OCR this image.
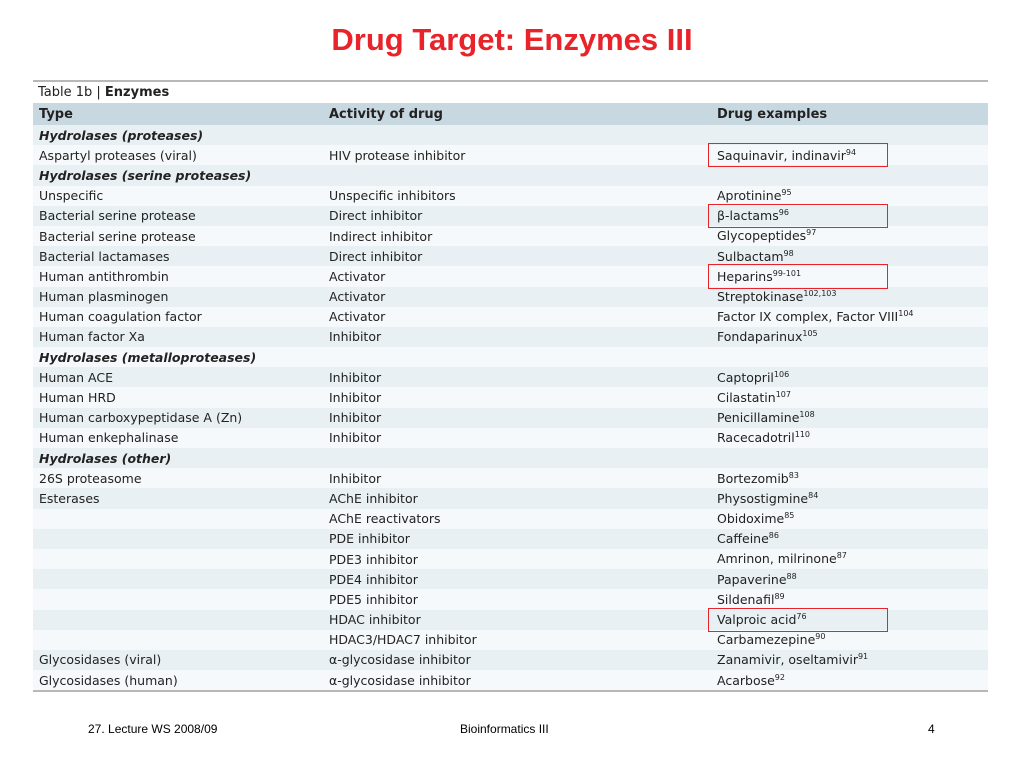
Drug Target: Enzymes III
Table 1b | Enzymes
Type	Activity of drug	Drug examples
Hydrolases (proteases)		
Aspartyl proteases (viral)	HIV protease inhibitor	Saquinavir, indinavir$^{94}$
Hydrolases (serine proteases)		
Unspecific	Unspecific inhibitors	Aprotinine$^{95}$
Bacterial serine protease	Direct inhibitor	β-lactams$^{96}$
Bacterial serine protease	Indirect inhibitor	Glycopeptides$^{97}$
Bacterial lactamases	Direct inhibitor	Sulbactam$^{98}$
Human antithrombin	Activator	Heparins$^{99-101}$
Human plasminogen	Activator	Streptokinase$^{102,103}$
Human coagulation factor	Activator	Factor IX complex, Factor VIII$^{104}$
Human factor Xa	Inhibitor	Fondaparinux$^{105}$
Hydrolases (metalloproteases)		
Human ACE	Inhibitor	Captopril$^{106}$
Human HRD	Inhibitor	Cilastatin$^{107}$
Human carboxypeptidase A (Zn)	Inhibitor	Penicillamine$^{108}$
Human enkephalinase	Inhibitor	Racecadotril$^{110}$
Hydrolases (other)		
26S proteasome	Inhibitor	Bortezomib$^{83}$
Esterases	AChE inhibitor	Physostigmine$^{84}$
	AChE reactivators	Obidoxime$^{85}$
	PDE inhibitor	Caffeine$^{86}$
	PDE3 inhibitor	Amrinon, milrinone$^{87}$
	PDE4 inhibitor	Papaverine$^{88}$
	PDE5 inhibitor	Sildenafil$^{89}$
	HDAC inhibitor	Valproic acid$^{76}$
	HDAC3/HDAC7 inhibitor	Carbamezepine$^{90}$
Glycosidases (viral)	α-glycosidase inhibitor	Zanamivir, oseltamivir$^{91}$
Glycosidases (human)	α-glycosidase inhibitor	Acarbose$^{92}$
27. Lecture WS 2008/09	Bioinformatics III	4
